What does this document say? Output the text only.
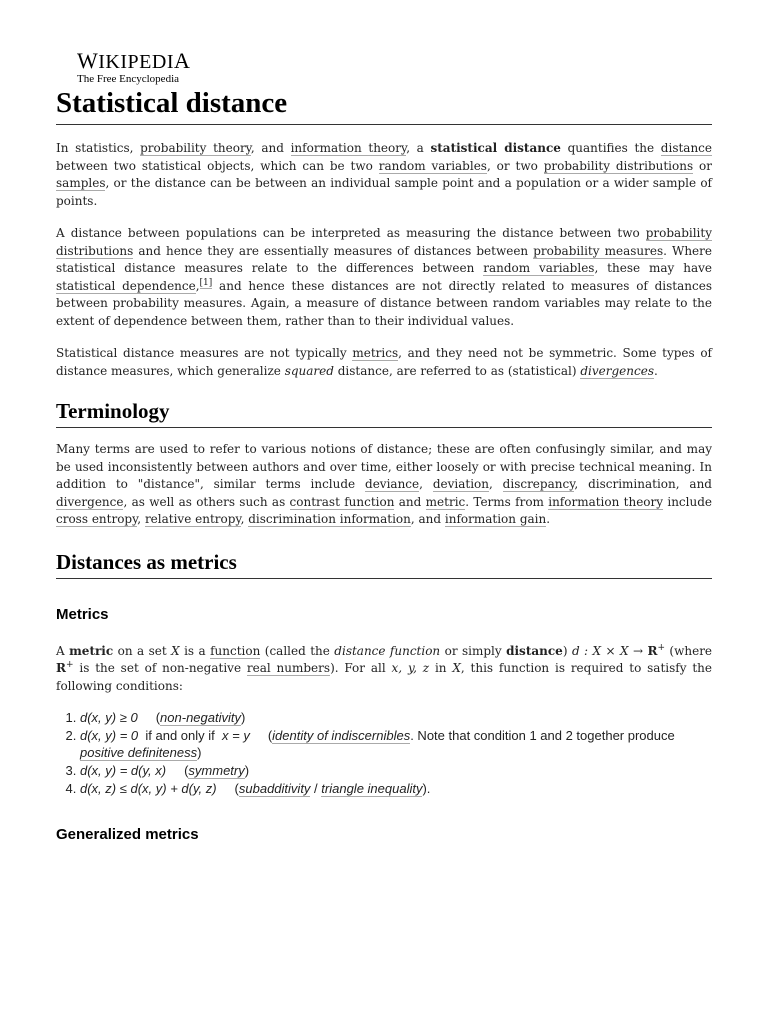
WIKIPEDIA
The Free Encyclopedia
Statistical distance

In statistics, probability theory, and information theory, a statistical distance quantifies the distance between two statistical objects, which can be two random variables, or two probability distributions or samples, or the distance can be between an individual sample point and a population or a wider sample of points.

A distance between populations can be interpreted as measuring the distance between two probability distributions and hence they are essentially measures of distances between probability measures. Where statistical distance measures relate to the differences between random variables, these may have statistical dependence,[1] and hence these distances are not directly related to measures of distances between probability measures. Again, a measure of distance between random variables may relate to the extent of dependence between them, rather than to their individual values.

Statistical distance measures are not typically metrics, and they need not be symmetric. Some types of distance measures, which generalize squared distance, are referred to as (statistical) divergences.

Terminology

Many terms are used to refer to various notions of distance; these are often confusingly similar, and may be used inconsistently between authors and over time, either loosely or with precise technical meaning. In addition to "distance", similar terms include deviance, deviation, discrepancy, discrimination, and divergence, as well as others such as contrast function and metric. Terms from information theory include cross entropy, relative entropy, discrimination information, and information gain.

Distances as metrics
Metrics

A metric on a set X is a function (called the distance function or simply distance) d : X × X → R+ (where R+ is the set of non-negative real numbers). For all x, y, z in X, this function is required to satisfy the following conditions:

1. d(x, y) ≥ 0 (non-negativity)
2. d(x, y) = 0  if and only if  x = y (identity of indiscernibles. Note that condition 1 and 2 together produce positive definiteness)
3. d(x, y) = d(y, x) (symmetry)
4. d(x, z) ≤ d(x, y) + d(y, z) (subadditivity / triangle inequality).
Generalized metrics
